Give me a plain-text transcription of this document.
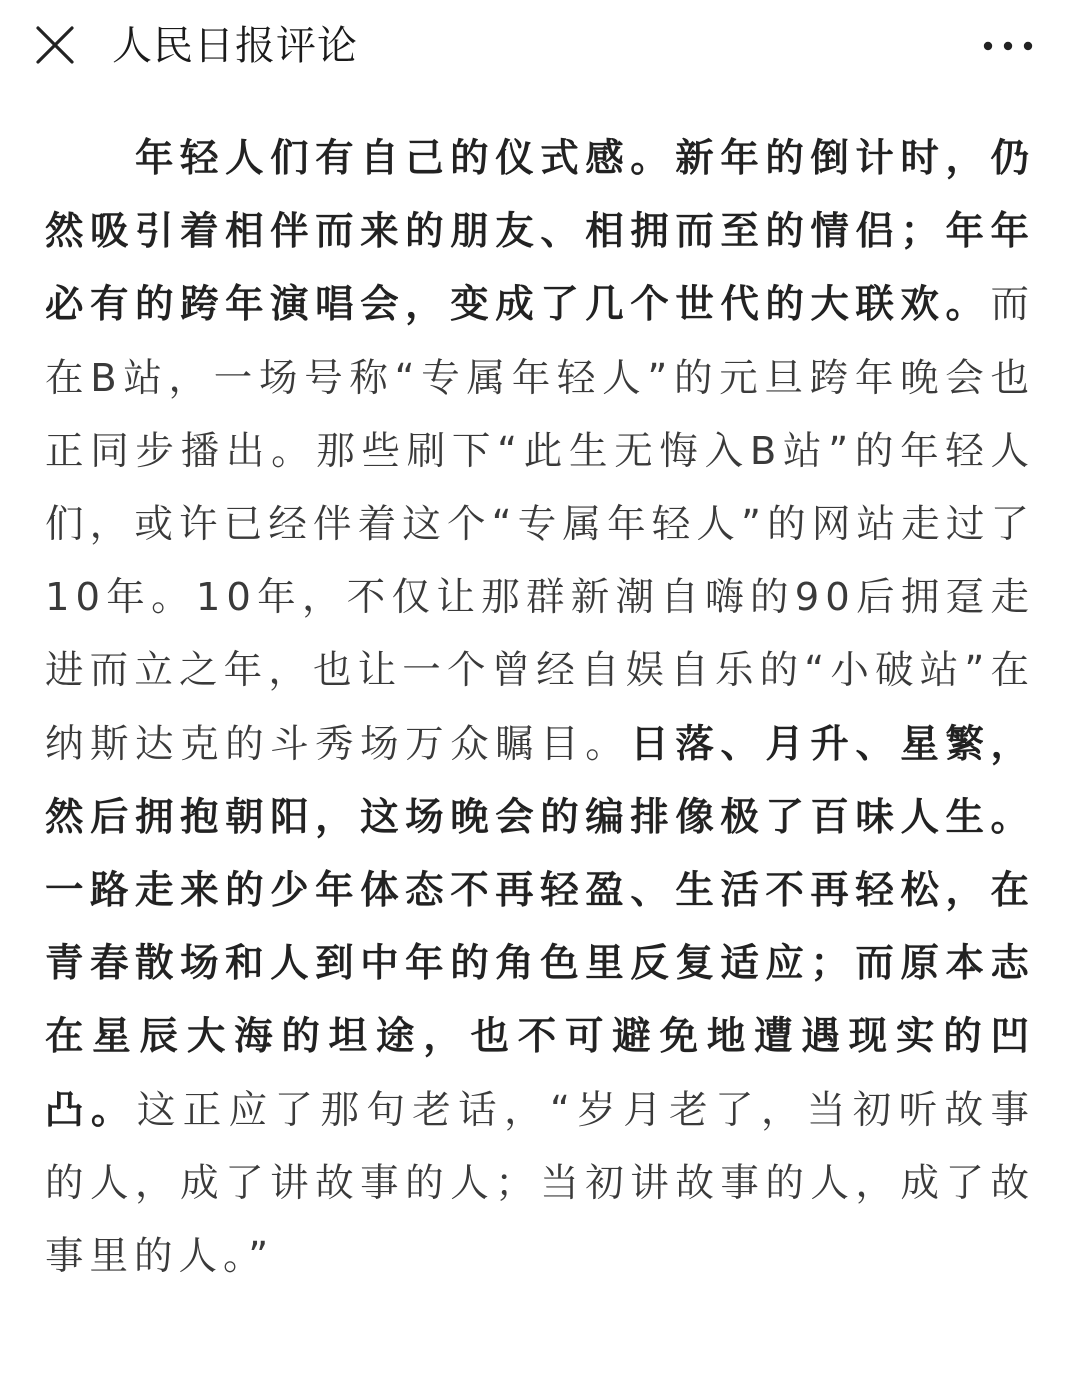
人民日报评论

年轻人们有自己的仪式感。新年的倒计时，仍然吸引着相伴而来的朋友、相拥而至的情侣；年年必有的跨年演唱会，变成了几个世代的大联欢。而在B站，一场号称“专属年轻人”的元旦跨年晚会也正同步播出。那些刷下“此生无悔入B站”的年轻人们，或许已经伴着这个“专属年轻人”的网站走过了10年。10年，不仅让那群新潮自嗨的90后拥趸走进而立之年，也让一个曾经自娱自乐的“小破站”在纳斯达克的斗秀场万众瞩目。日落、月升、星繁，然后拥抱朝阳，这场晚会的编排像极了百味人生。一路走来的少年体态不再轻盈、生活不再轻松，在青春散场和人到中年的角色里反复适应；而原本志在星辰大海的坦途，也不可避免地遭遇现实的凹凸。这正应了那句老话，“岁月老了，当初听故事的人，成了讲故事的人；当初讲故事的人，成了故事里的人。”
